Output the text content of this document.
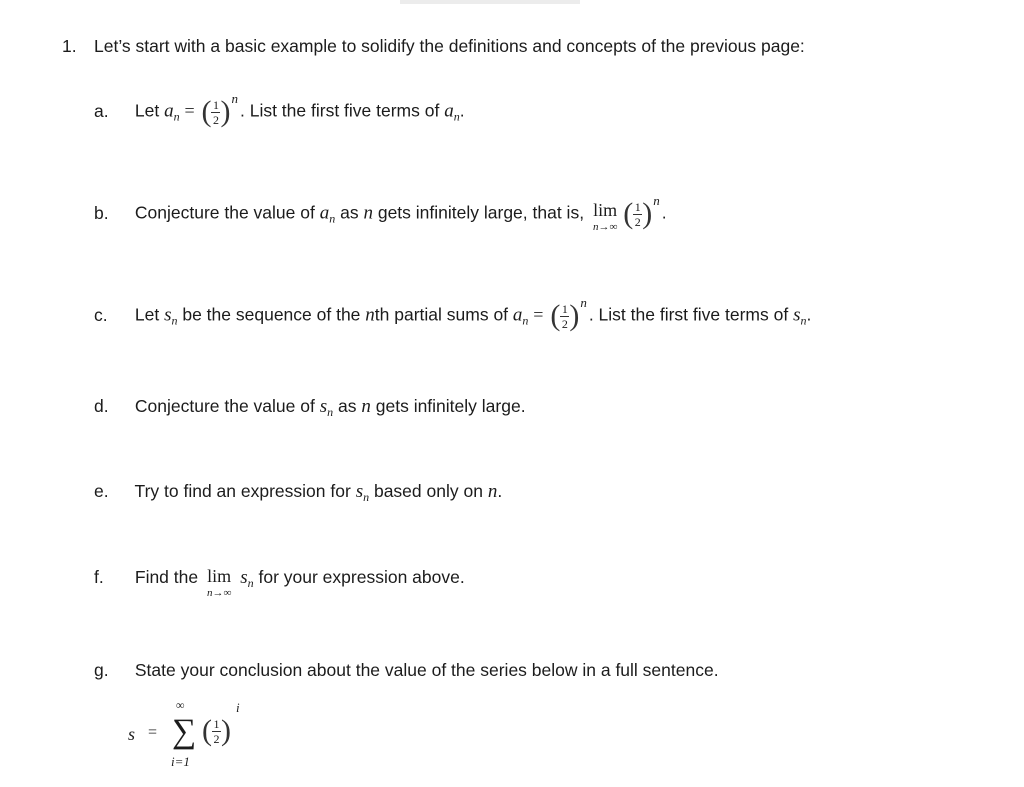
1. Let’s start with a basic example to solidify the definitions and concepts of the previous page:
a. Let $a_n$ = ( $\frac{1}{2} )^n$. List the first five terms of $a_n$.
b. Conjecture the value of $a_n$ as n gets infinitely large, that is, lim
n→∞ ( $\frac{1}{2} )^n$.
c. Let $s_n$ be the sequence of the nth partial sums of $a_n$ = ( $\frac{1}{2} )^n$. List the first five terms of $s_n$.
d. Conjecture the value of $s_n$ as n gets infinitely large.
e. Try to find an expression for $s_n$ based only on n.
f. Find the lim
n→∞
$s_n$ for your expression above.
g. State your conclusion about the value of the series below in a full sentence.
s =
∞
∑
i=1
( $\frac{1}{2}$ )
i
